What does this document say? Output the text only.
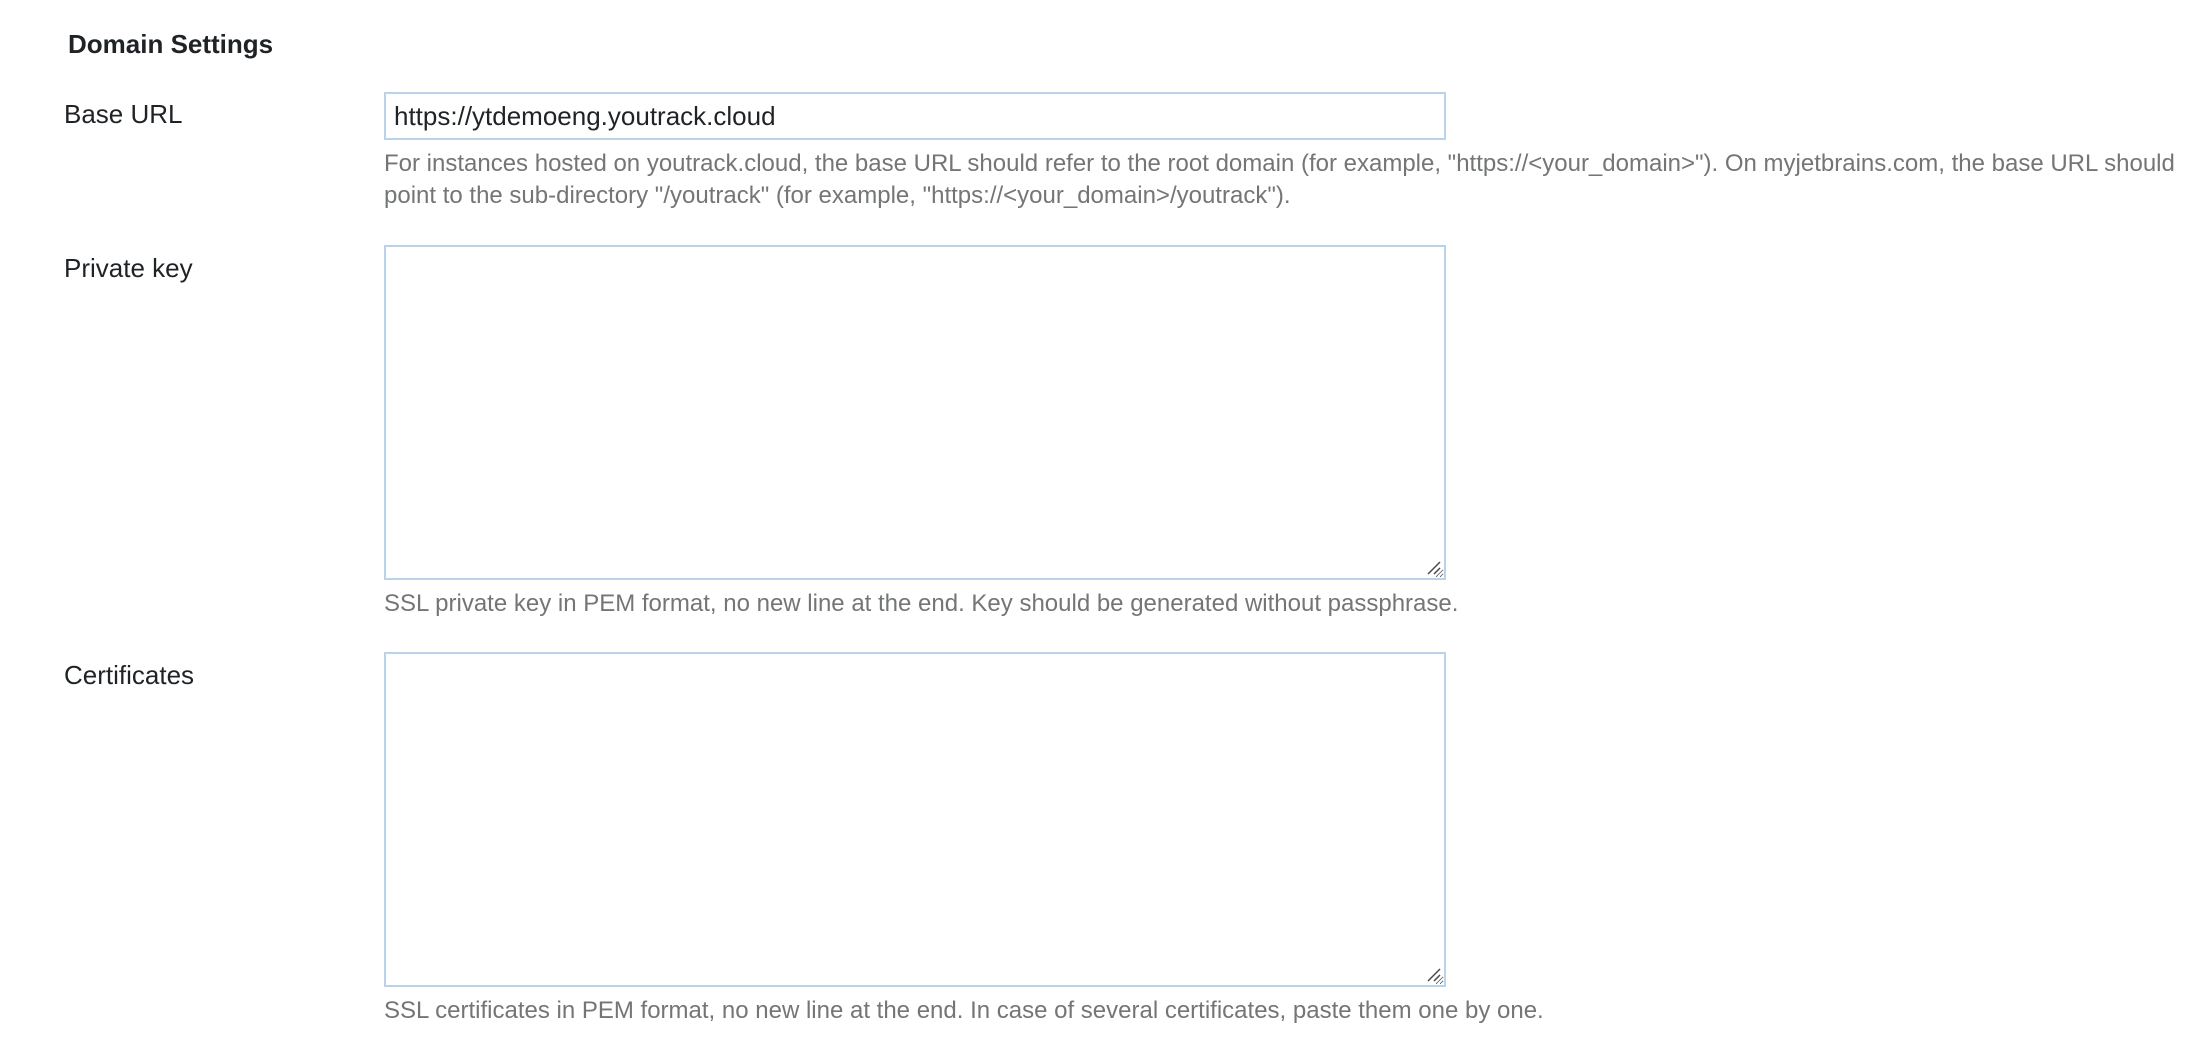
Domain Settings
Base URL
https://ytdemoeng.youtrack.cloud

For instances hosted on youtrack.cloud, the base URL should refer to the root domain (for example, "https://<your_domain>"). On myjetbrains.com, the base URL should point to the sub-directory "/youtrack" (for example, "https://<your_domain>/youtrack").

Private key

SSL private key in PEM format, no new line at the end. Key should be generated without passphrase.

Certificates

SSL certificates in PEM format, no new line at the end. In case of several certificates, paste them one by one.
